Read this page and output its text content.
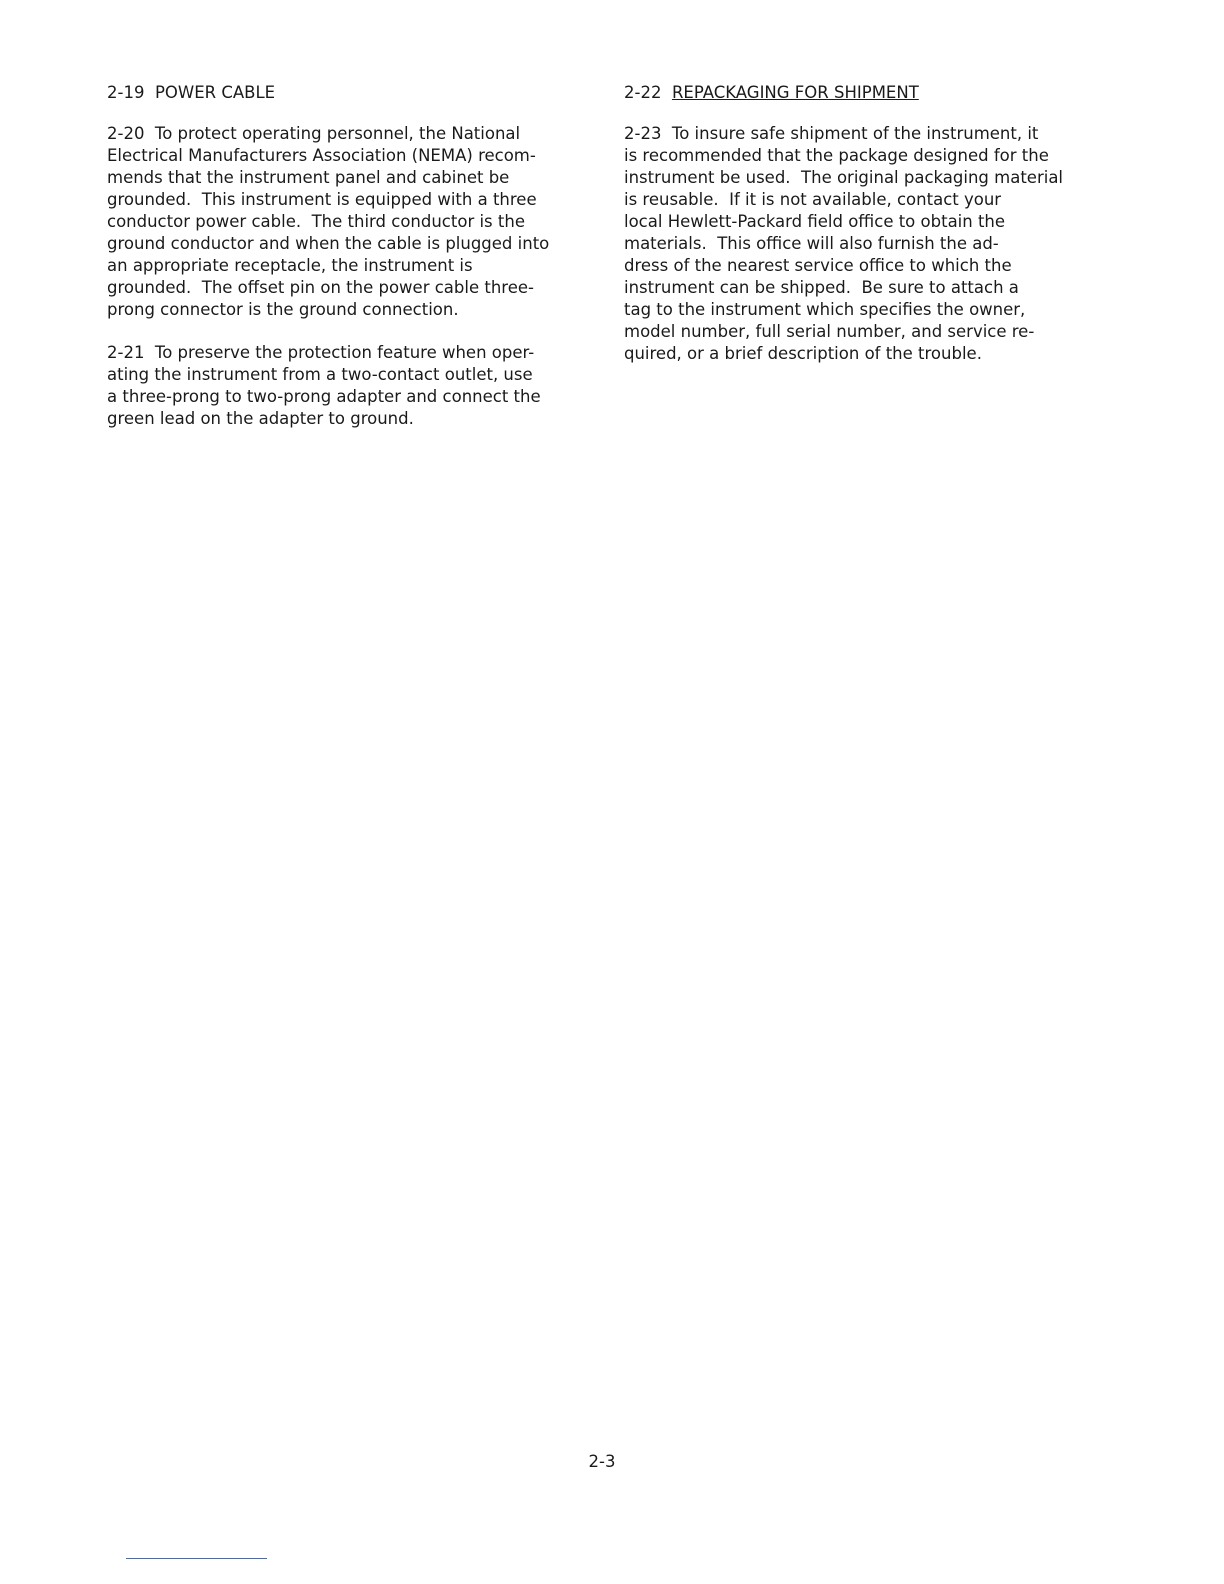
2-19 POWER CABLE

2-20  To protect operating personnel, the National
Electrical Manufacturers Association (NEMA) recom-
mends that the instrument panel and cabinet be
grounded.  This instrument is equipped with a three
conductor power cable.  The third conductor is the
ground conductor and when the cable is plugged into
an appropriate receptacle, the instrument is
grounded.  The offset pin on the power cable three-
prong connector is the ground connection.

2-21  To preserve the protection feature when oper-
ating the instrument from a two-contact outlet, use
a three-prong to two-prong adapter and connect the
green lead on the adapter to ground.

2-22 REPACKAGING FOR SHIPMENT

2-23  To insure safe shipment of the instrument, it
is recommended that the package designed for the
instrument be used.  The original packaging material
is reusable.  If it is not available, contact your
local Hewlett-Packard field office to obtain the
materials.  This office will also furnish the ad-
dress of the nearest service office to which the
instrument can be shipped.  Be sure to attach a
tag to the instrument which specifies the owner,
model number, full serial number, and service re-
quired, or a brief description of the trouble.

2-3
